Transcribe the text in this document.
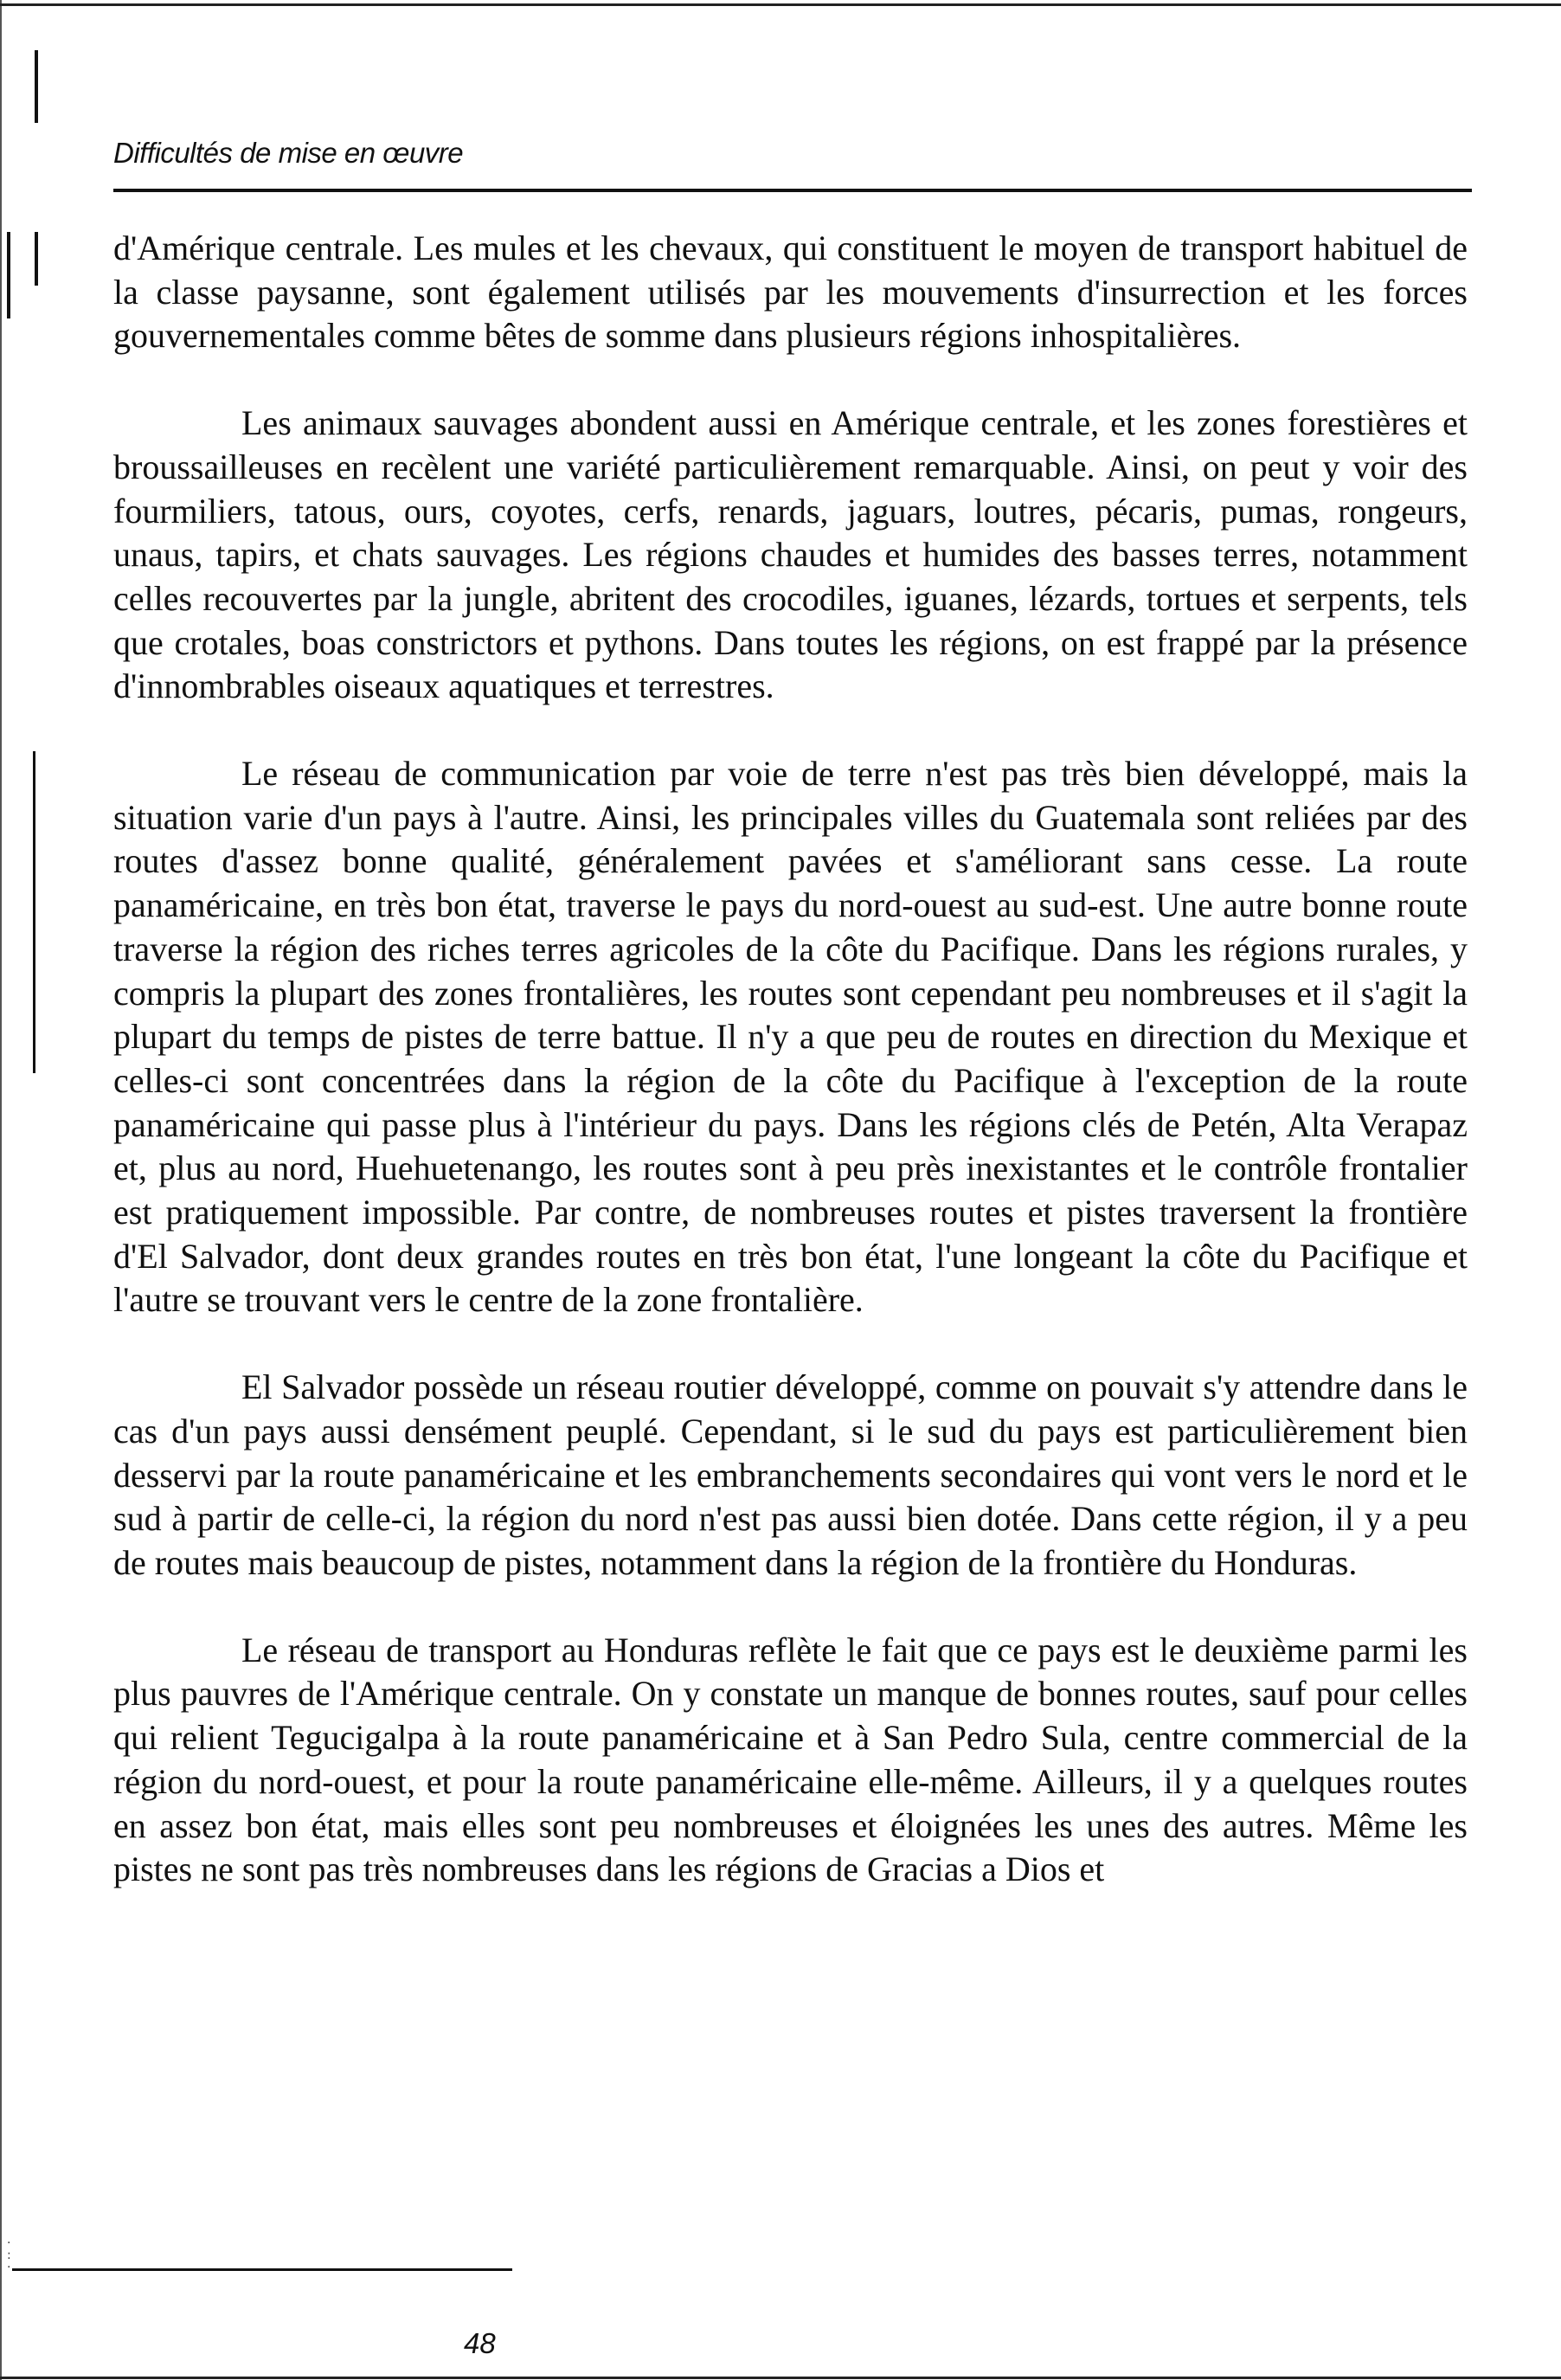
Difficultés de mise en œuvre

d'Amérique centrale. Les mules et les chevaux, qui constituent le moyen de transport habituel de la classe paysanne, sont également utilisés par les mouvements d'insurrection et les forces gouvernementales comme bêtes de somme dans plusieurs régions inhospitalières.

Les animaux sauvages abondent aussi en Amérique centrale, et les zones forestières et broussailleuses en recèlent une variété particulièrement remarquable. Ainsi, on peut y voir des fourmiliers, tatous, ours, coyotes, cerfs, renards, jaguars, loutres, pécaris, pumas, rongeurs, unaus, tapirs, et chats sauvages. Les régions chaudes et humides des basses terres, notamment celles recouvertes par la jungle, abritent des crocodiles, iguanes, lézards, tortues et serpents, tels que crotales, boas constrictors et pythons. Dans toutes les régions, on est frappé par la présence d'innombrables oiseaux aquatiques et terrestres.

Le réseau de communication par voie de terre n'est pas très bien développé, mais la situation varie d'un pays à l'autre. Ainsi, les principales villes du Guatemala sont reliées par des routes d'assez bonne qualité, généralement pavées et s'améliorant sans cesse. La route panaméricaine, en très bon état, traverse le pays du nord-ouest au sud-est. Une autre bonne route traverse la région des riches terres agricoles de la côte du Pacifique. Dans les régions rurales, y compris la plupart des zones frontalières, les routes sont cependant peu nombreuses et il s'agit la plupart du temps de pistes de terre battue. Il n'y a que peu de routes en direction du Mexique et celles-ci sont concentrées dans la région de la côte du Pacifique à l'exception de la route panaméricaine qui passe plus à l'intérieur du pays. Dans les régions clés de Petén, Alta Verapaz et, plus au nord, Huehuetenango, les routes sont à peu près inexistantes et le contrôle frontalier est pratiquement impossible. Par contre, de nombreuses routes et pistes traversent la frontière d'El Salvador, dont deux grandes routes en très bon état, l'une longeant la côte du Pacifique et l'autre se trouvant vers le centre de la zone frontalière.

El Salvador possède un réseau routier développé, comme on pouvait s'y attendre dans le cas d'un pays aussi densément peuplé. Cependant, si le sud du pays est particulièrement bien desservi par la route panaméricaine et les embranchements secondaires qui vont vers le nord et le sud à partir de celle-ci, la région du nord n'est pas aussi bien dotée. Dans cette région, il y a peu de routes mais beaucoup de pistes, notamment dans la région de la frontière du Honduras.

Le réseau de transport au Honduras reflète le fait que ce pays est le deuxième parmi les plus pauvres de l'Amérique centrale. On y constate un manque de bonnes routes, sauf pour celles qui relient Tegucigalpa à la route panaméricaine et à San Pedro Sula, centre commercial de la région du nord-ouest, et pour la route panaméricaine elle-même. Ailleurs, il y a quelques routes en assez bon état, mais elles sont peu nombreuses et éloignées les unes des autres. Même les pistes ne sont pas très nombreuses dans les régions de Gracias a Dios et

·
:
·
48
